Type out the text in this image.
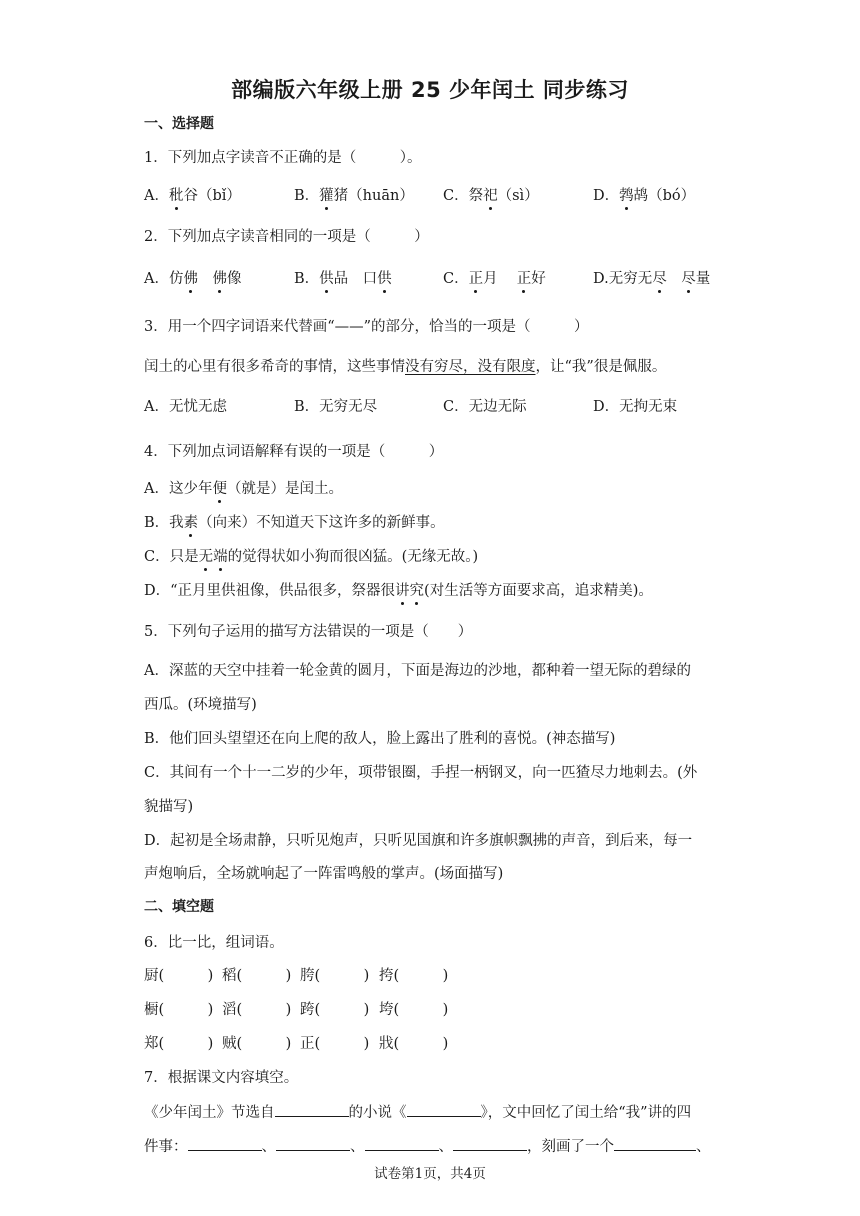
部编版六年级上册 25 少年闰土 同步练习
一、选择题
1．下列加点字读音不正确的是（　　　）。
A．秕谷（bǐ）	B．獾猪（huān） C．祭祀（sì）	D．鹁鸪（bó）
2．下列加点字读音相同的一项是（　　　）
A．仿佛　 佛像	B．供品　口供	C．正月　 正好	D.无穷无尽　 尽量
3．用一个四字词语来代替画“——”的部分，恰当的一项是（　　　）
闰土的心里有很多希奇的事情，这些事情没有穷尽，没有限度，让“我”很是佩服。
A．无忧无虑	B．无穷无尽	C．无边无际	D．无拘无束
4．下列加点词语解释有误的一项是（　　　）
A．这少年便（就是）是闰土。
B．我素（向来）不知道天下这许多的新鲜事。
C．只是无端的觉得状如小狗而很凶猛。(无缘无故。)
D．“正月里供祖像，供品很多，祭器很讲究(对生活等方面要求高，追求精美)。
5．下列句子运用的描写方法错误的一项是（　　）
A．深蓝的天空中挂着一轮金黄的圆月，下面是海边的沙地，都种着一望无际的碧绿的
西瓜。(环境描写)
B．他们回头望望还在向上爬的敌人，脸上露出了胜利的喜悦。(神态描写)
C．其间有一个十一二岁的少年，项带银圈，手捏一柄钢叉，向一匹猹尽力地刺去。(外
貌描写)
D．起初是全场肃静，只听见炮声，只听见国旗和许多旗帜飘拂的声音，到后来，每一
声炮响后，全场就响起了一阵雷鸣般的掌声。(场面描写)
二、填空题
6．比一比，组词语。
厨(　　　) 稻(　　　) 胯(　　　) 挎(　　　)
橱(　　　) 滔(　　　) 跨(　　　) 垮(　　　)
郑(　　　) 贼(　　　) 正(　　　) 戕(　　　)
7．根据课文内容填空。
《少年闰土》节选自	的小说《	》，文中回忆了闰土给“我”讲的四
件事：	、	、	、	，刻画了一个	、
试卷第1页，共4页
